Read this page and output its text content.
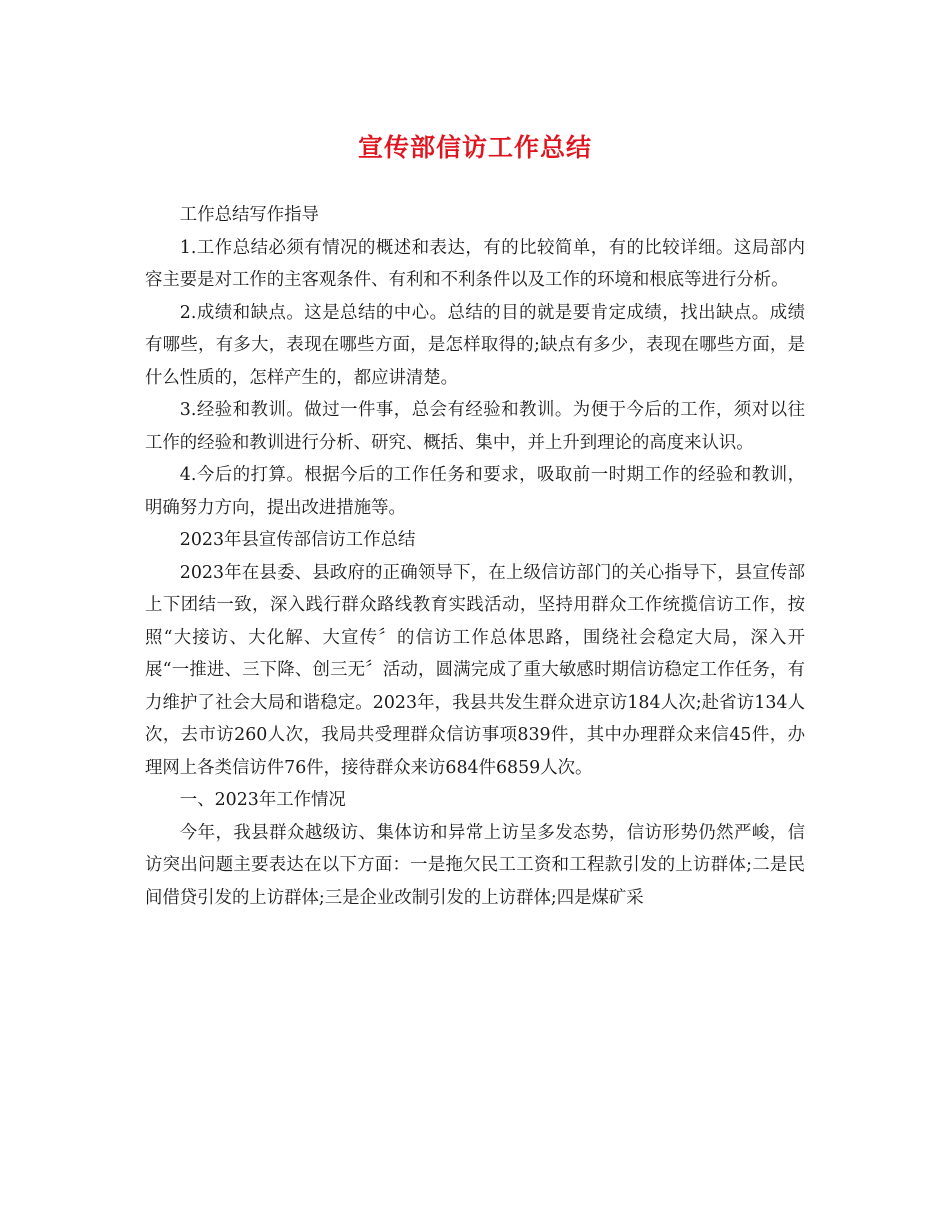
宣传部信访工作总结

工作总结写作指导

1.工作总结必须有情况的概述和表达，有的比较简单，有的比较详细。这局部内容主要是对工作的主客观条件、有利和不利条件以及工作的环境和根底等进行分析。

2.成绩和缺点。这是总结的中心。总结的目的就是要肯定成绩，找出缺点。成绩有哪些，有多大，表现在哪些方面，是怎样取得的;缺点有多少，表现在哪些方面，是什么性质的，怎样产生的，都应讲清楚。

3.经验和教训。做过一件事，总会有经验和教训。为便于今后的工作，须对以往工作的经验和教训进行分析、研究、概括、集中，并上升到理论的高度来认识。

4.今后的打算。根据今后的工作任务和要求，吸取前一时期工作的经验和教训，明确努力方向，提出改进措施等。

2023年县宣传部信访工作总结

2023年在县委、县政府的正确领导下，在上级信访部门的关心指导下，县宣传部上下团结一致，深入践行群众路线教育实践活动，坚持用群众工作统揽信访工作，按照“大接访、大化解、大宣传〞的信访工作总体思路，围绕社会稳定大局，深入开展“一推进、三下降、创三无〞活动，圆满完成了重大敏感时期信访稳定工作任务，有力维护了社会大局和谐稳定。2023年，我县共发生群众进京访184人次;赴省访134人次，去市访260人次，我局共受理群众信访事项839件，其中办理群众来信45件，办理网上各类信访件76件，接待群众来访684件6859人次。

一、2023年工作情况

今年，我县群众越级访、集体访和异常上访呈多发态势，信访形势仍然严峻，信访突出问题主要表达在以下方面：一是拖欠民工工资和工程款引发的上访群体;二是民间借贷引发的上访群体;三是企业改制引发的上访群体;四是煤矿采
